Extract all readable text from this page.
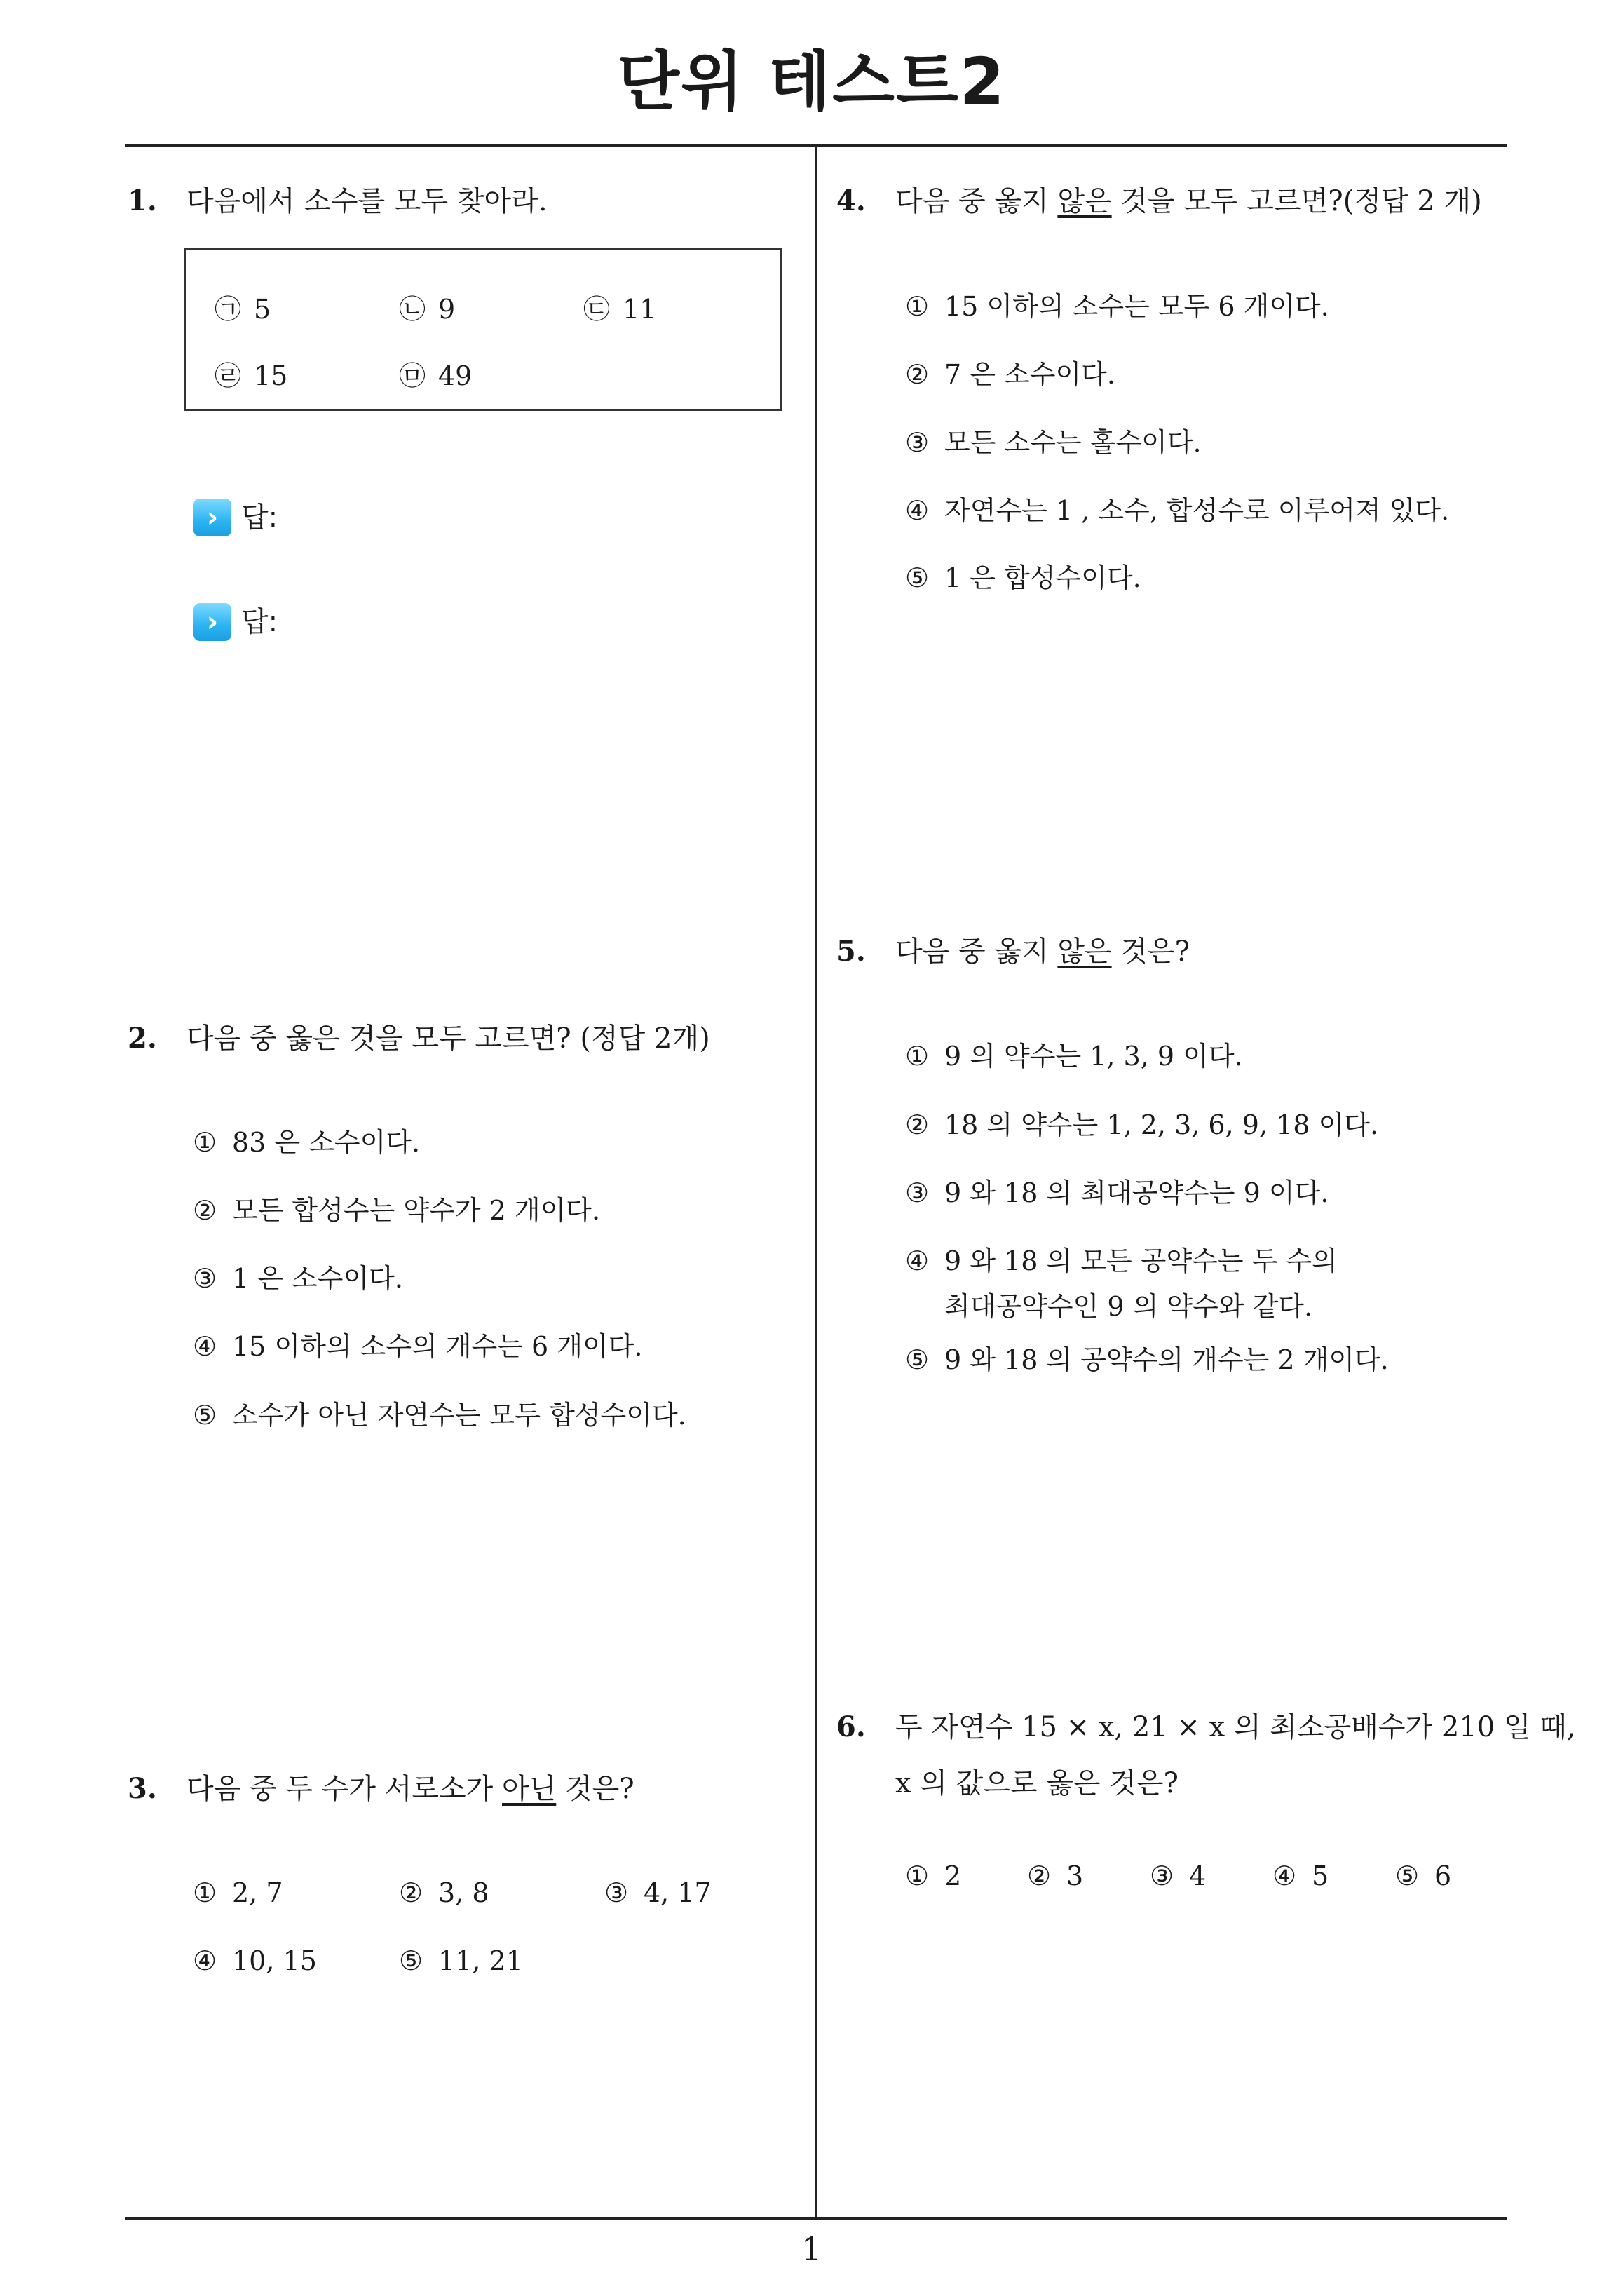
단위 테스트2
1
1. 다음에서 소수를 모두 찾아라.
㉠ 5	㉡ 9	㉢ 11
㉣ 15	㉤ 49
› 답:
› 답:
2. 다음 중 옳은 것을 모두 고르면? (정답 2개)
① 83 은 소수이다.
② 모든 합성수는 약수가 2 개이다.
③ 1 은 소수이다.
④ 15 이하의 소수의 개수는 6 개이다.
⑤ 소수가 아닌 자연수는 모두 합성수이다.
3. 다음 중 두 수가 서로소가 아닌 것은?
① 2, 7	② 3, 8	③ 4, 17
④ 10, 15	⑤ 11, 21
4. 다음 중 옳지 않은 것을 모두 고르면?(정답 2 개)
① 15 이하의 소수는 모두 6 개이다.
② 7 은 소수이다.
③ 모든 소수는 홀수이다.
④ 자연수는 1 , 소수, 합성수로 이루어져 있다.
⑤ 1 은 합성수이다.
5. 다음 중 옳지 않은 것은?
① 9 의 약수는 1, 3, 9 이다.
② 18 의 약수는 1, 2, 3, 6, 9, 18 이다.
③ 9 와 18 의 최대공약수는 9 이다.
④ 9 와 18 의 모든 공약수는 두 수의
최대공약수인 9 의 약수와 같다.
⑤ 9 와 18 의 공약수의 개수는 2 개이다.
6. 두 자연수 15 × x, 21 × x 의 최소공배수가 210 일 때,
x 의 값으로 옳은 것은?
① 2 ② 3 ③ 4 ④ 5 ⑤ 6
